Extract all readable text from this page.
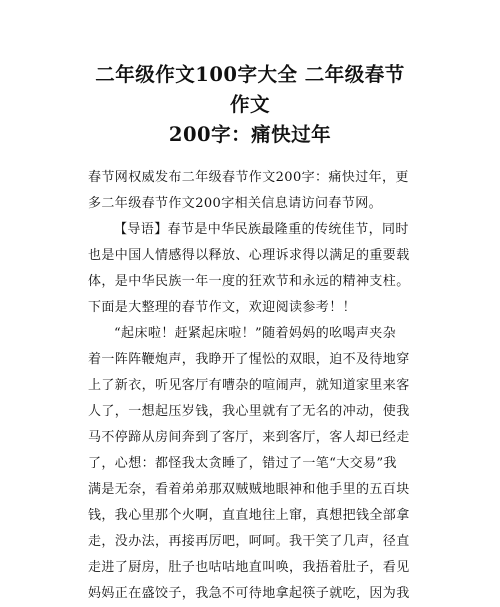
二年级作文100字大全 二年级春节作文
200字：痛快过年

春节网权威发布二年级春节作文200字：痛快过年，更
多二年级春节作文200字相关信息请访问春节网。

【导语】春节是中华民族最隆重的传统佳节，同时
也是中国人情感得以释放、心理诉求得以满足的重要载
体，是中华民族一年一度的狂欢节和永远的精神支柱。
下面是大整理的春节作文，欢迎阅读参考！！

“起床啦！赶紧起床啦！”随着妈妈的吆喝声夹杂
着一阵阵鞭炮声，我睁开了惺忪的双眼，迫不及待地穿
上了新衣，听见客厅有嘈杂的喧闹声，就知道家里来客
人了，一想起压岁钱，我心里就有了无名的冲动，使我
马不停蹄从房间奔到了客厅，来到客厅，客人却已经走
了，心想：都怪我太贪睡了，错过了一笔“大交易”我
满是无奈，看着弟弟那双贼贼地眼神和他手里的五百块
钱，我心里那个火啊，直直地往上窜，真想把钱全部拿
走，没办法，再接再厉吧，呵呵。我干笑了几声，径直
走进了厨房，肚子也咕咕地直叫唤，我捂着肚子，看见
妈妈正在盛饺子，我急不可待地拿起筷子就吃，因为我
